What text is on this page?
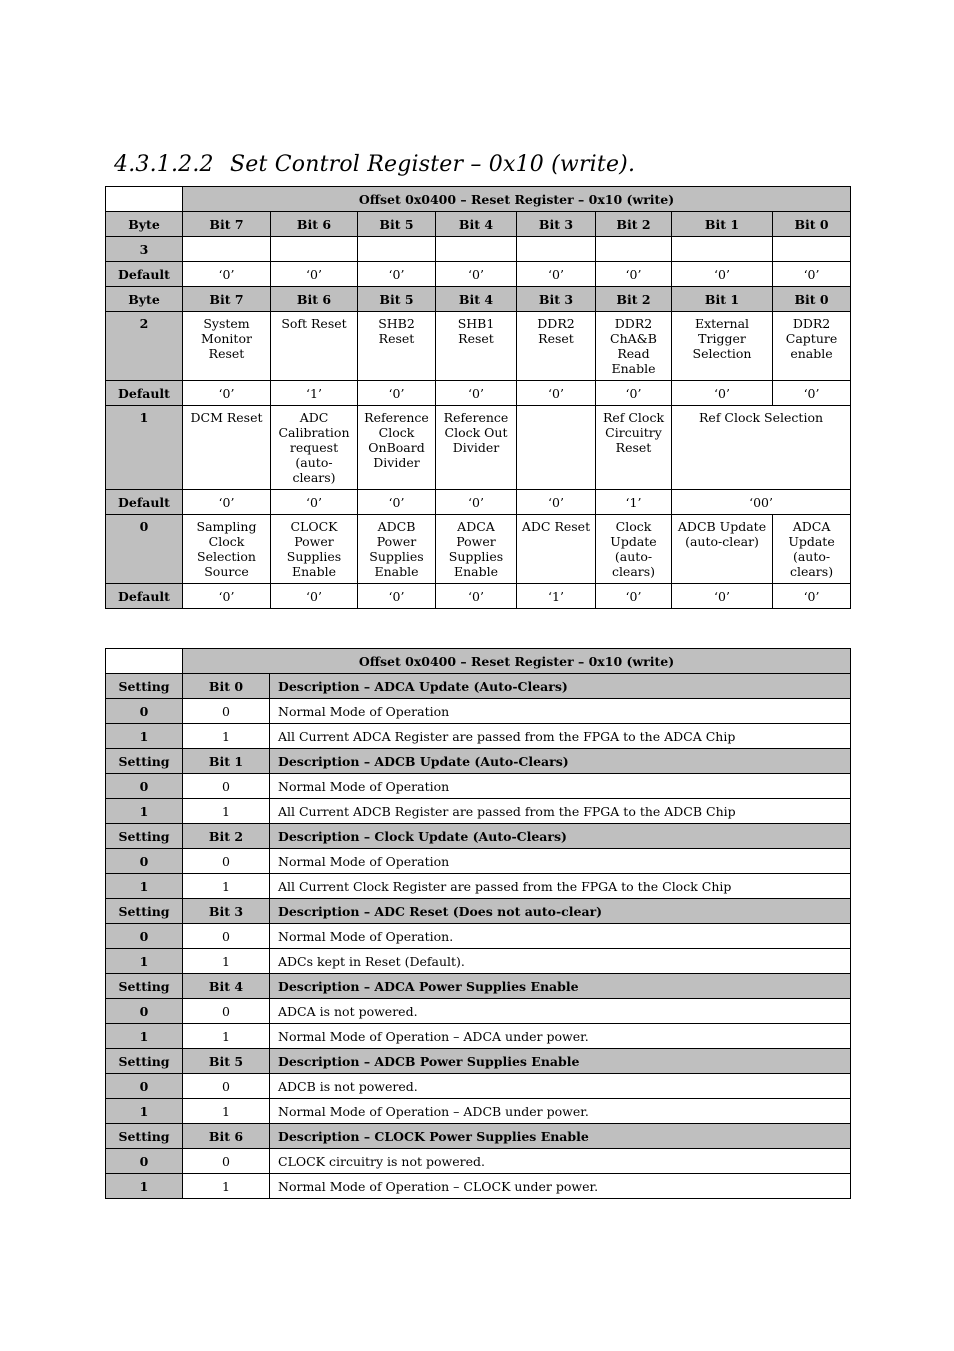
4.3.1.2.2 Set Control Register – 0x10 (write).
	Offset 0x0400 – Reset Register – 0x10 (write)							
Byte	Bit 7	Bit 6	Bit 5	Bit 4	Bit 3	Bit 2	Bit 1	Bit 0
3								
Default	‘0’	‘0’	‘0’	‘0’	‘0’	‘0’	‘0’	‘0’
Byte	Bit 7	Bit 6	Bit 5	Bit 4	Bit 3	Bit 2	Bit 1	Bit 0
2	System Monitor Reset	Soft Reset	SHB2 Reset	SHB1 Reset	DDR2 Reset	DDR2 ChA&B Read Enable	External Trigger Selection	DDR2 Capture enable
Default	‘0’	‘1’	‘0’	‘0’	‘0’	‘0’	‘0’	‘0’
1	DCM Reset	ADC Calibration request (auto-clears)	Reference Clock OnBoard Divider	Reference Clock Out Divider		Ref Clock Circuitry Reset	Ref Clock Selection	
Default	‘0’	‘0’	‘0’	‘0’	‘0’	‘1’	‘00’	
0	Sampling Clock Selection Source	CLOCK Power Supplies Enable	ADCB Power Supplies Enable	ADCA Power Supplies Enable	ADC Reset	Clock Update (auto-clears)	ADCB Update (auto-clear)	ADCA Update (auto-clears)
Default	‘0’	‘0’	‘0’	‘0’	‘1’	‘0’	‘0’	‘0’
	Offset 0x0400 – Reset Register – 0x10 (write)	
Setting	Bit 0	Description – ADCA Update (Auto-Clears)
0	0	Normal Mode of Operation
1	1	All Current ADCA Register are passed from the FPGA to the ADCA Chip
Setting	Bit 1	Description – ADCB Update (Auto-Clears)
0	0	Normal Mode of Operation
1	1	All Current ADCB Register are passed from the FPGA to the ADCB Chip
Setting	Bit 2	Description – Clock Update (Auto-Clears)
0	0	Normal Mode of Operation
1	1	All Current Clock Register are passed from the FPGA to the Clock Chip
Setting	Bit 3	Description – ADC Reset (Does not auto-clear)
0	0	Normal Mode of Operation.
1	1	ADCs kept in Reset (Default).
Setting	Bit 4	Description – ADCA Power Supplies Enable
0	0	ADCA is not powered.
1	1	Normal Mode of Operation – ADCA under power.
Setting	Bit 5	Description – ADCB Power Supplies Enable
0	0	ADCB is not powered.
1	1	Normal Mode of Operation – ADCB under power.
Setting	Bit 6	Description – CLOCK Power Supplies Enable
0	0	CLOCK circuitry is not powered.
1	1	Normal Mode of Operation – CLOCK under power.
